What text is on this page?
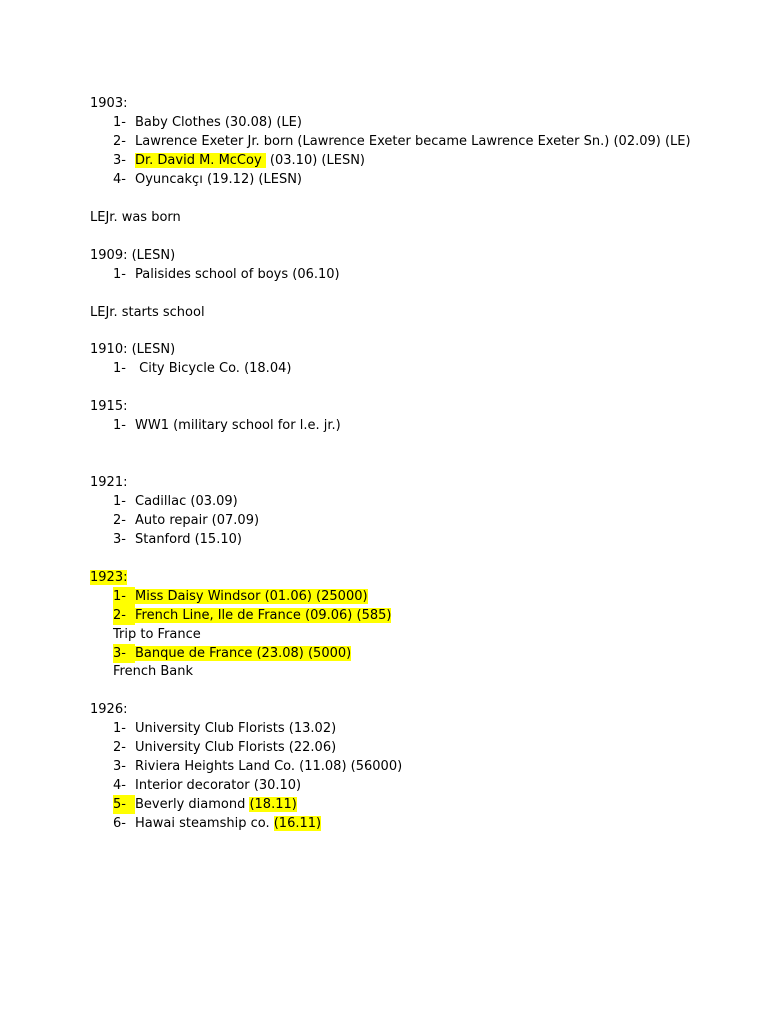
1903:
1- Baby Clothes (30.08) (LE)
2- Lawrence Exeter Jr. born (Lawrence Exeter became Lawrence Exeter Sn.) (02.09) (LE)
3- Dr. David M. McCoy  (03.10) (LESN)
4- Oyuncakçı (19.12) (LESN)
LEJr. was born
1909: (LESN)
1- Palisides school of boys (06.10)
LEJr. starts school
1910: (LESN)
1- City Bicycle Co. (18.04)
1915:
1- WW1 (military school for l.e. jr.)
1921:
1- Cadillac (03.09)
2- Auto repair (07.09)
3- Stanford (15.10)
1923:
1- Miss Daisy Windsor (01.06) (25000)
2- French Line, Ile de France (09.06) (585)
Trip to France
3- Banque de France (23.08) (5000)
French Bank
1926:
1- University Club Florists (13.02)
2- University Club Florists (22.06)
3- Riviera Heights Land Co. (11.08) (56000)
4- Interior decorator (30.10)
5- Beverly diamond (18.11)
6- Hawai steamship co. (16.11)
